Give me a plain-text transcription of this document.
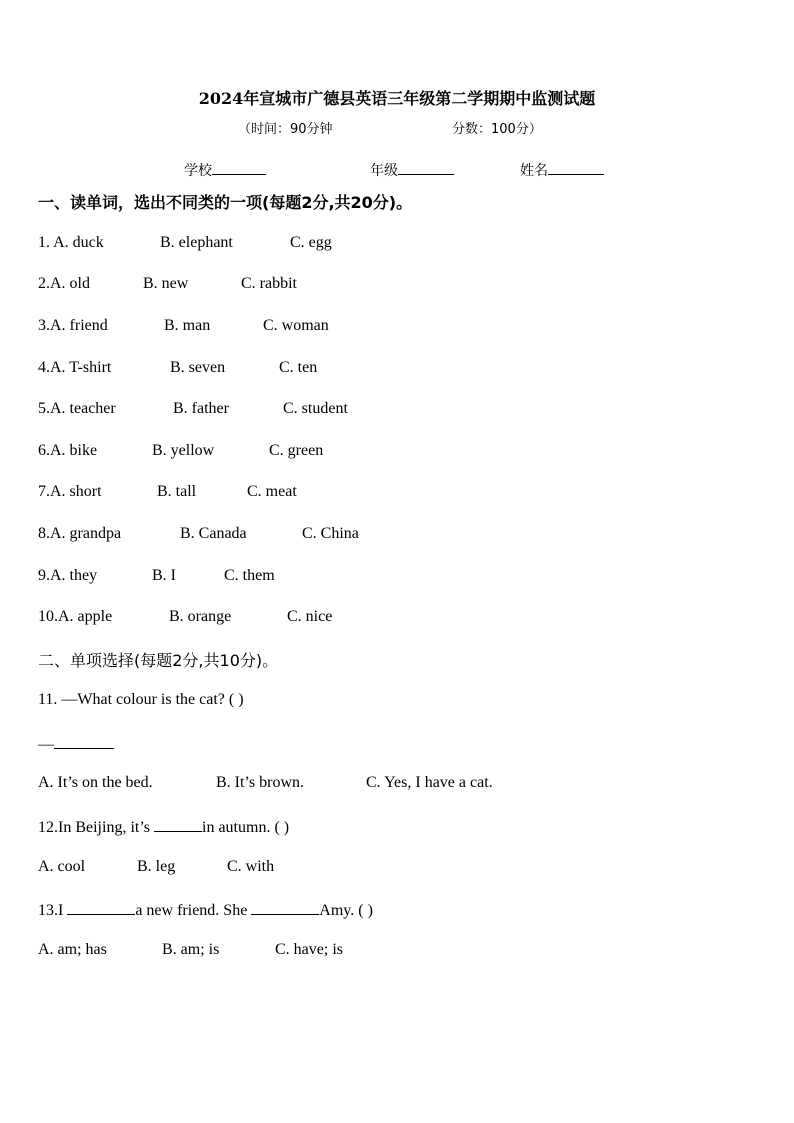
2024年宣城市广德县英语三年级第二学期期中监测试题
（时间：90分钟	分数：100分）
学校	年级	姓名
一、读单词，选出不同类的一项(每题2分,共20分)。
1. A. duck	B. elephant	C. egg
2.A. old	B. new	C. rabbit
3.A. friend	B. man	C. woman
4.A. T-shirt	B. seven	C. ten
5.A. teacher	B. father	C. student
6.A. bike	B. yellow	C. green
7.A. short	B. tall	C. meat
8.A. grandpa	B. Canada	C. China
9.A. they	B. I	C. them
10.A. apple	B. orange	C. nice
二、单项选择(每题2分,共10分)。
11. —What colour is the cat? ( )
—
A. It’s on the bed.	B. It’s brown.	C. Yes, I have a cat.
12.In Beijing, it’s	in autumn. ( )
A. cool	B. leg	C. with
13.I	a new friend. She	Amy. ( )
A. am; has	B. am; is	C. have; is
